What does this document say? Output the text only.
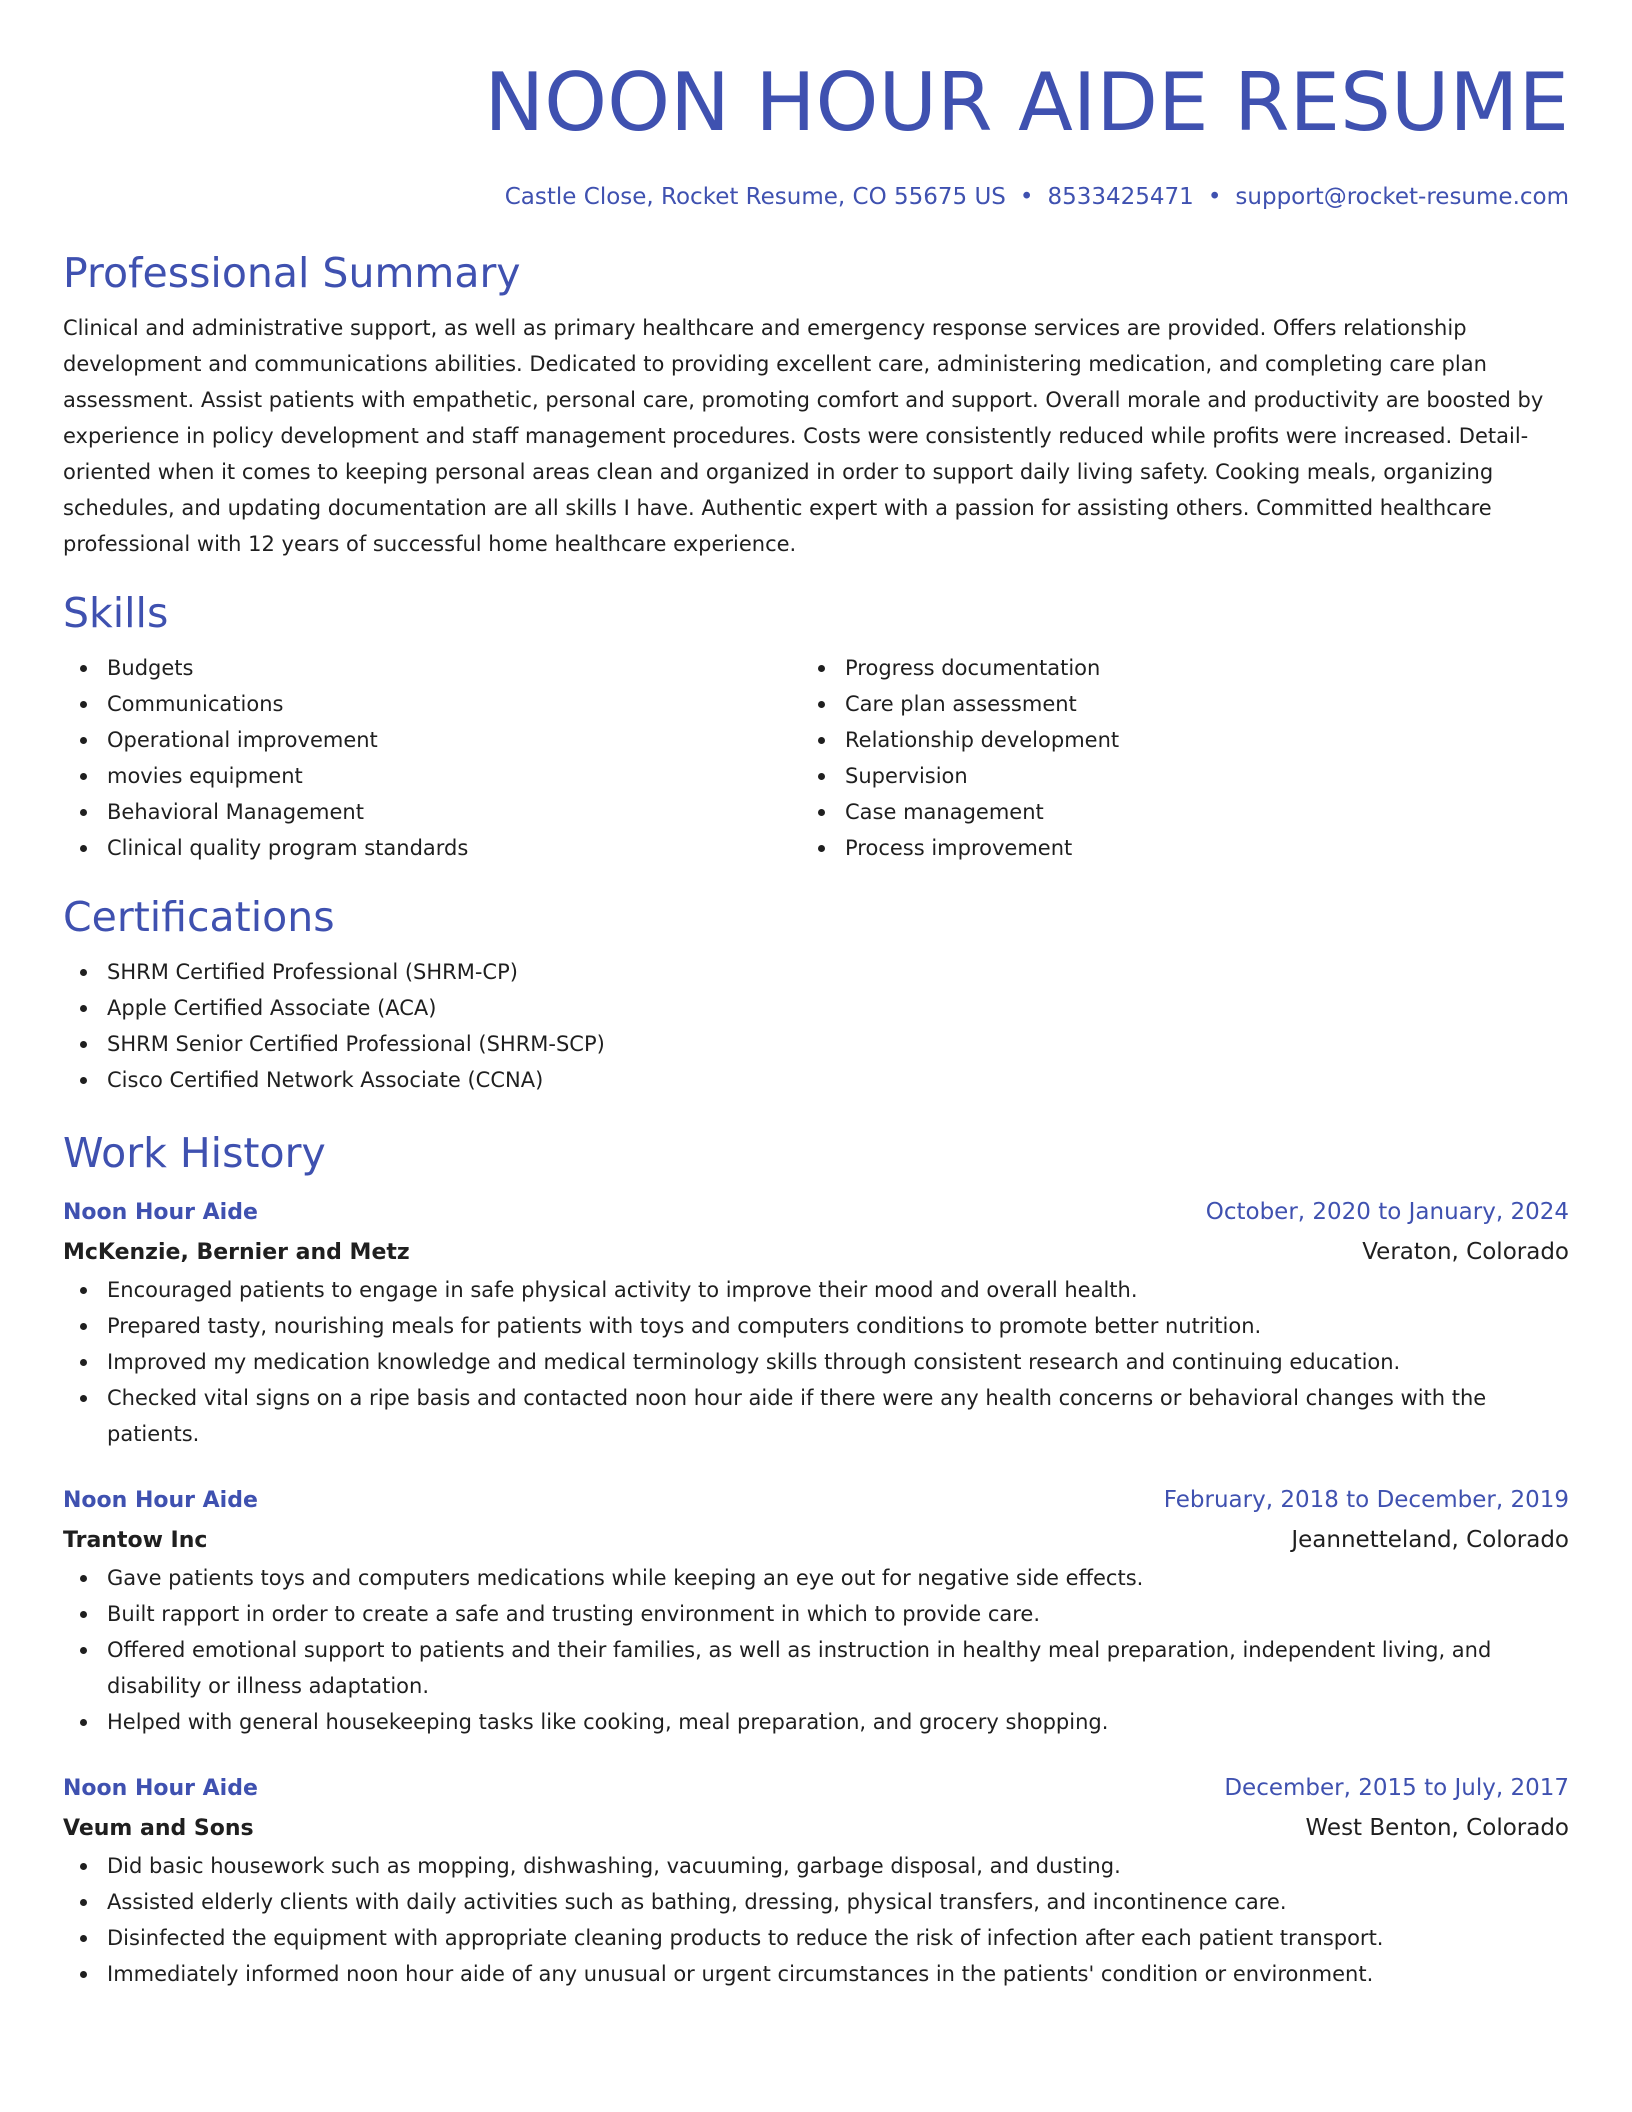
NOON HOUR AIDE RESUME
Castle Close, Rocket Resume, CO 55675 US • 8533425471 • support@rocket-resume.com
Professional Summary

Clinical and administrative support, as well as primary healthcare and emergency response services are provided. Offers relationship development and communications abilities. Dedicated to providing excellent care, administering medication, and completing care plan assessment. Assist patients with empathetic, personal care, promoting comfort and support. Overall morale and productivity are boosted by experience in policy development and staff management procedures. Costs were consistently reduced while profits were increased. Detail-oriented when it comes to keeping personal areas clean and organized in order to support daily living safety. Cooking meals, organizing schedules, and updating documentation are all skills I have. Authentic expert with a passion for assisting others. Committed healthcare professional with 12 years of successful home healthcare experience.

Skills
Budgets
Communications
Operational improvement
movies equipment
Behavioral Management
Clinical quality program standards
Progress documentation
Care plan assessment
Relationship development
Supervision
Case management
Process improvement
Certifications
SHRM Certified Professional (SHRM-CP)
Apple Certified Associate (ACA)
SHRM Senior Certified Professional (SHRM-SCP)
Cisco Certified Network Associate (CCNA)
Work History
Noon Hour Aide	October, 2020 to January, 2024
McKenzie, Bernier and Metz	Veraton, Colorado
Encouraged patients to engage in safe physical activity to improve their mood and overall health.
Prepared tasty, nourishing meals for patients with toys and computers conditions to promote better nutrition.
Improved my medication knowledge and medical terminology skills through consistent research and continuing education.
Checked vital signs on a ripe basis and contacted noon hour aide if there were any health concerns or behavioral changes with the patients.
Noon Hour Aide	February, 2018 to December, 2019
Trantow Inc	Jeannetteland, Colorado
Gave patients toys and computers medications while keeping an eye out for negative side effects.
Built rapport in order to create a safe and trusting environment in which to provide care.
Offered emotional support to patients and their families, as well as instruction in healthy meal preparation, independent living, and disability or illness adaptation.
Helped with general housekeeping tasks like cooking, meal preparation, and grocery shopping.
Noon Hour Aide	December, 2015 to July, 2017
Veum and Sons	West Benton, Colorado
Did basic housework such as mopping, dishwashing, vacuuming, garbage disposal, and dusting.
Assisted elderly clients with daily activities such as bathing, dressing, physical transfers, and incontinence care.
Disinfected the equipment with appropriate cleaning products to reduce the risk of infection after each patient transport.
Immediately informed noon hour aide of any unusual or urgent circumstances in the patients' condition or environment.
